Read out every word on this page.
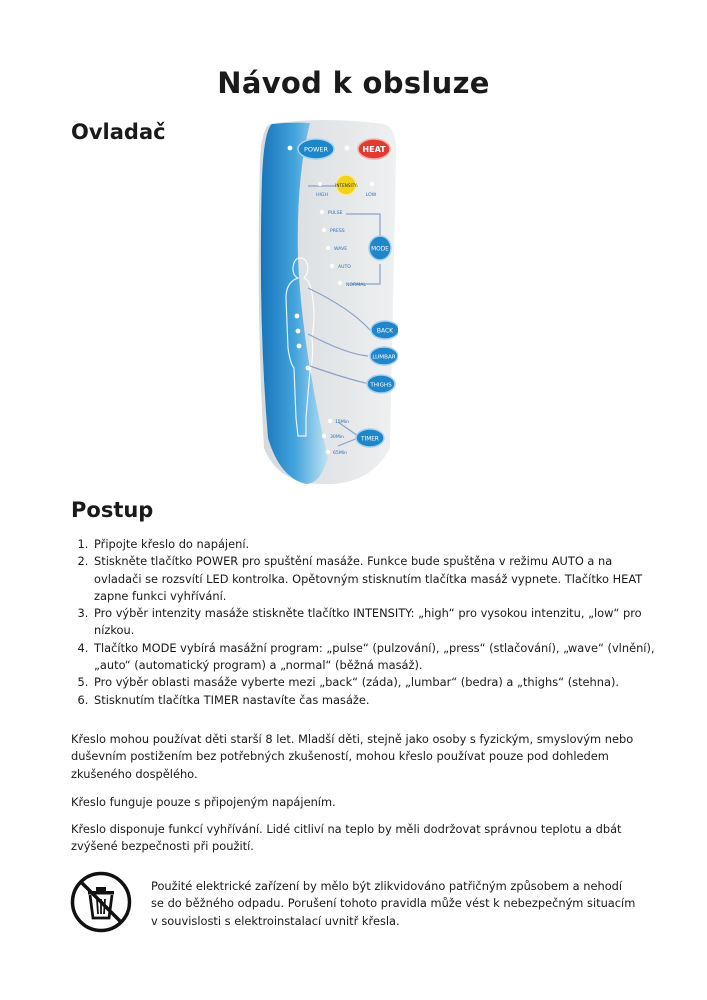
Návod k obsluze
Ovladač
POWER	HEAT
INTENSITY
HIGH	LOW
PULSE
PRESS
WAVE
AUTO
NORMAL
MODE
BACK
LUMBAR
THIGHS
15Min
30Min
65Min
TIMER
Postup
1. Připojte křeslo do napájení.
2. Stiskněte tlačítko POWER pro spuštění masáže. Funkce bude spuštěna v režimu AUTO a na ovladači se rozsvítí LED kontrolka. Opětovným stisknutím tlačítka masáž vypnete. Tlačítko HEAT zapne funkci vyhřívání.
3. Pro výběr intenzity masáže stiskněte tlačítko INTENSITY: „high“ pro vysokou intenzitu, „low“ pro nízkou.
4. Tlačítko MODE vybírá masážní program: „pulse“ (pulzování), „press“ (stlačování), „wave“ (vlnění), „auto“ (automatický program) a „normal“ (běžná masáž).
5. Pro výběr oblasti masáže vyberte mezi „back“ (záda), „lumbar“ (bedra) a „thighs“ (stehna).
6. Stisknutím tlačítka TIMER nastavíte čas masáže.

Křeslo mohou používat děti starší 8 let. Mladší děti, stejně jako osoby s fyzickým, smyslovým nebo duševním postižením bez potřebných zkušeností, mohou křeslo používat pouze pod dohledem zkušeného dospělého.

Křeslo funguje pouze s připojeným napájením.

Křeslo disponuje funkcí vyhřívání. Lidé citliví na teplo by měli dodržovat správnou teplotu a dbát zvýšené bezpečnosti při použití.

Použité elektrické zařízení by mělo být zlikvidováno patřičným způsobem a nehodí se do běžného odpadu. Porušení tohoto pravidla může vést k nebezpečným situacím v souvislosti s elektroinstalací uvnitř křesla.
